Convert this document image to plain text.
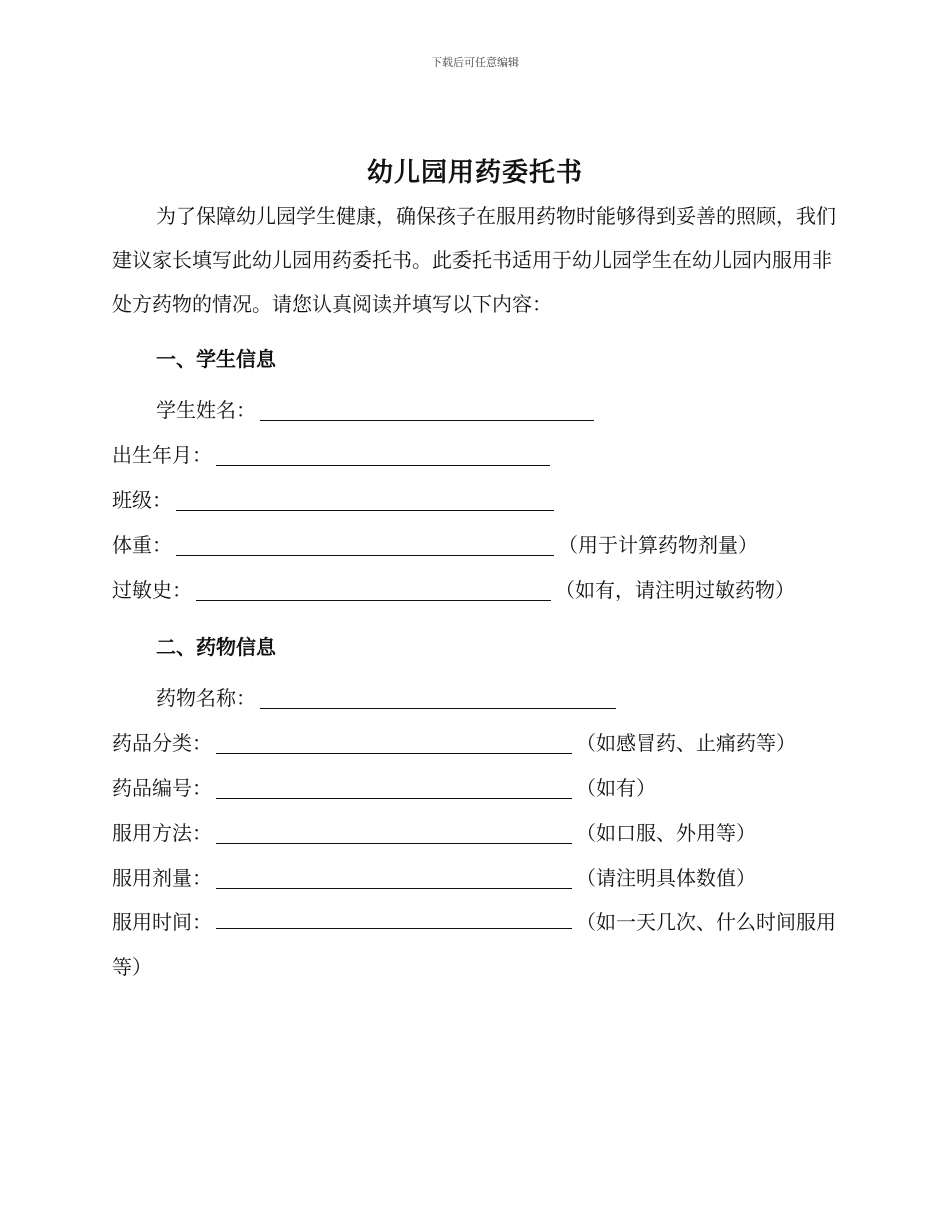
下载后可任意编辑
幼儿园用药委托书

为了保障幼儿园学生健康，确保孩子在服用药物时能够得到妥善的照顾，我们建议家长填写此幼儿园用药委托书。此委托书适用于幼儿园学生在幼儿园内服用非处方药物的情况。请您认真阅读并填写以下内容：

一、学生信息
学生姓名：
出生年月：
班级：
体重：	（用于计算药物剂量）
过敏史：	（如有，请注明过敏药物）
二、药物信息
药物名称：
药品分类：	（如感冒药、止痛药等）
药品编号：	（如有）
服用方法：	（如口服、外用等）
服用剂量：	（请注明具体数值）
服用时间：	（如一天几次、什么时间服用等）
